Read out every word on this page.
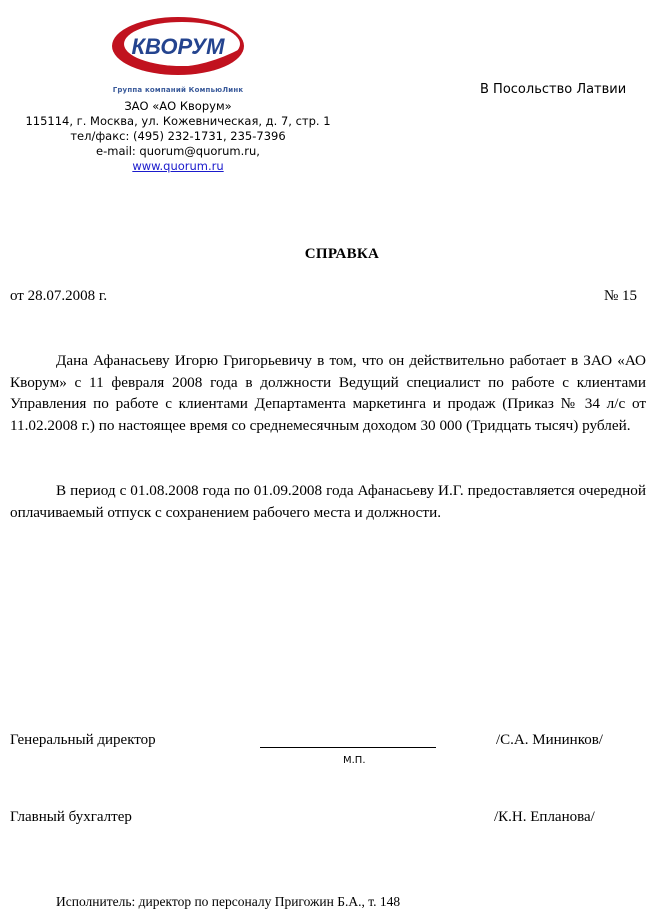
КВОРУМ
Группа компаний КомпьюЛинк
ЗАО «АО Кворум»
115114, г. Москва, ул. Кожевническая, д. 7, стр. 1
тел/факс: (495) 232-1731, 235-7396
e-mail: quorum@quorum.ru,
www.quorum.ru
В Посольство Латвии
СПРАВКА
от 28.07.2008 г.	№ 15

Дана Афанасьеву Игорю Григорьевичу в том, что он действительно работает в ЗАО «АО Кворум» с 11 февраля 2008 года в должности Ведущий специалист по работе с клиентами Управления по работе с клиентами Департамента маркетинга и продаж (Приказ № 34 л/с от 11.02.2008 г.) по настоящее время со среднемесячным доходом 30 000 (Тридцать тысяч) рублей.

В период с 01.08.2008 года по 01.09.2008 года Афанасьеву И.Г. предоставляется очередной оплачиваемый отпуск с сохранением рабочего места и должности.

Генеральный директор
М.П.
/С.А. Мининков/
Главный бухгалтер	/К.Н. Епланова/
Исполнитель: директор по персоналу Пригожин Б.А., т. 148
